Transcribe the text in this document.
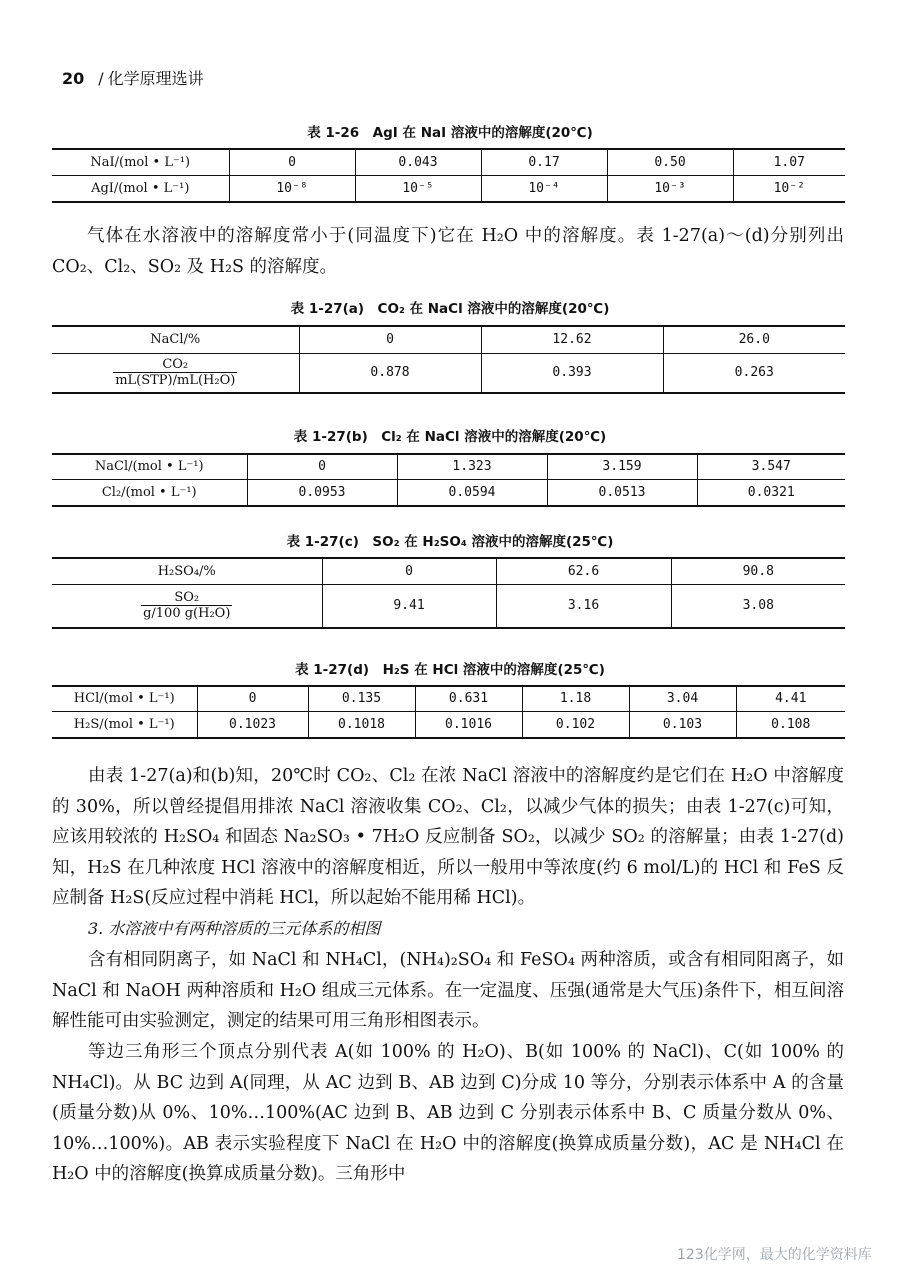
20 / 化学原理选讲
表 1-26　AgI 在 NaI 溶液中的溶解度(20℃)
NaI/(mol • L⁻¹)	0	0.043	0.17	0.50	1.07
AgI/(mol • L⁻¹)	10⁻⁸	10⁻⁵	10⁻⁴	10⁻³	10⁻²
气体在水溶液中的溶解度常小于(同温度下)它在 H₂O 中的溶解度。表 1-27(a)～(d)分别列出 CO₂、Cl₂、SO₂ 及 H₂S 的溶解度。
表 1-27(a)　CO₂ 在 NaCl 溶液中的溶解度(20℃)
NaCl/%	0	12.62	26.0

$\frac{\text{CO₂}}{\text{mL(STP)/mL(H₂O)}}$	0.878	0.393	0.263
表 1-27(b)　Cl₂ 在 NaCl 溶液中的溶解度(20℃)
NaCl/(mol • L⁻¹)	0	1.323	3.159	3.547
Cl₂/(mol • L⁻¹)	0.0953	0.0594	0.0513	0.0321
表 1-27(c)　SO₂ 在 H₂SO₄ 溶液中的溶解度(25℃)
H₂SO₄/%	0	62.6	90.8

$\frac{\text{SO₂}}{\text{g/100 g(H₂O)}}$	9.41	3.16	3.08
表 1-27(d)　H₂S 在 HCl 溶液中的溶解度(25℃)
HCl/(mol • L⁻¹)	0	0.135	0.631	1.18	3.04	4.41
H₂S/(mol • L⁻¹)	0.1023	0.1018	0.1016	0.102	0.103	0.108
由表 1-27(a)和(b)知，20℃时 CO₂、Cl₂ 在浓 NaCl 溶液中的溶解度约是它们在 H₂O 中溶解度的 30%，所以曾经提倡用排浓 NaCl 溶液收集 CO₂、Cl₂，以减少气体的损失；由表 1-27(c)可知，应该用较浓的 H₂SO₄ 和固态 Na₂SO₃ • 7H₂O 反应制备 SO₂，以减少 SO₂ 的溶解量；由表 1-27(d)知，H₂S 在几种浓度 HCl 溶液中的溶解度相近，所以一般用中等浓度(约 6 mol/L)的 HCl 和 FeS 反应制备 H₂S(反应过程中消耗 HCl，所以起始不能用稀 HCl)。
3. 水溶液中有两种溶质的三元体系的相图
含有相同阴离子，如 NaCl 和 NH₄Cl，(NH₄)₂SO₄ 和 FeSO₄ 两种溶质，或含有相同阳离子，如 NaCl 和 NaOH 两种溶质和 H₂O 组成三元体系。在一定温度、压强(通常是大气压)条件下，相互间溶解性能可由实验测定，测定的结果可用三角形相图表示。
等边三角形三个顶点分别代表 A(如 100% 的 H₂O)、B(如 100% 的 NaCl)、C(如 100% 的 NH₄Cl)。从 BC 边到 A(同理，从 AC 边到 B、AB 边到 C)分成 10 等分，分别表示体系中 A 的含量(质量分数)从 0%、10%…100%(AC 边到 B、AB 边到 C 分别表示体系中 B、C 质量分数从 0%、10%…100%)。AB 表示实验程度下 NaCl 在 H₂O 中的溶解度(换算成质量分数)，AC 是 NH₄Cl 在 H₂O 中的溶解度(换算成质量分数)。三角形中
123化学网，最大的化学资料库
